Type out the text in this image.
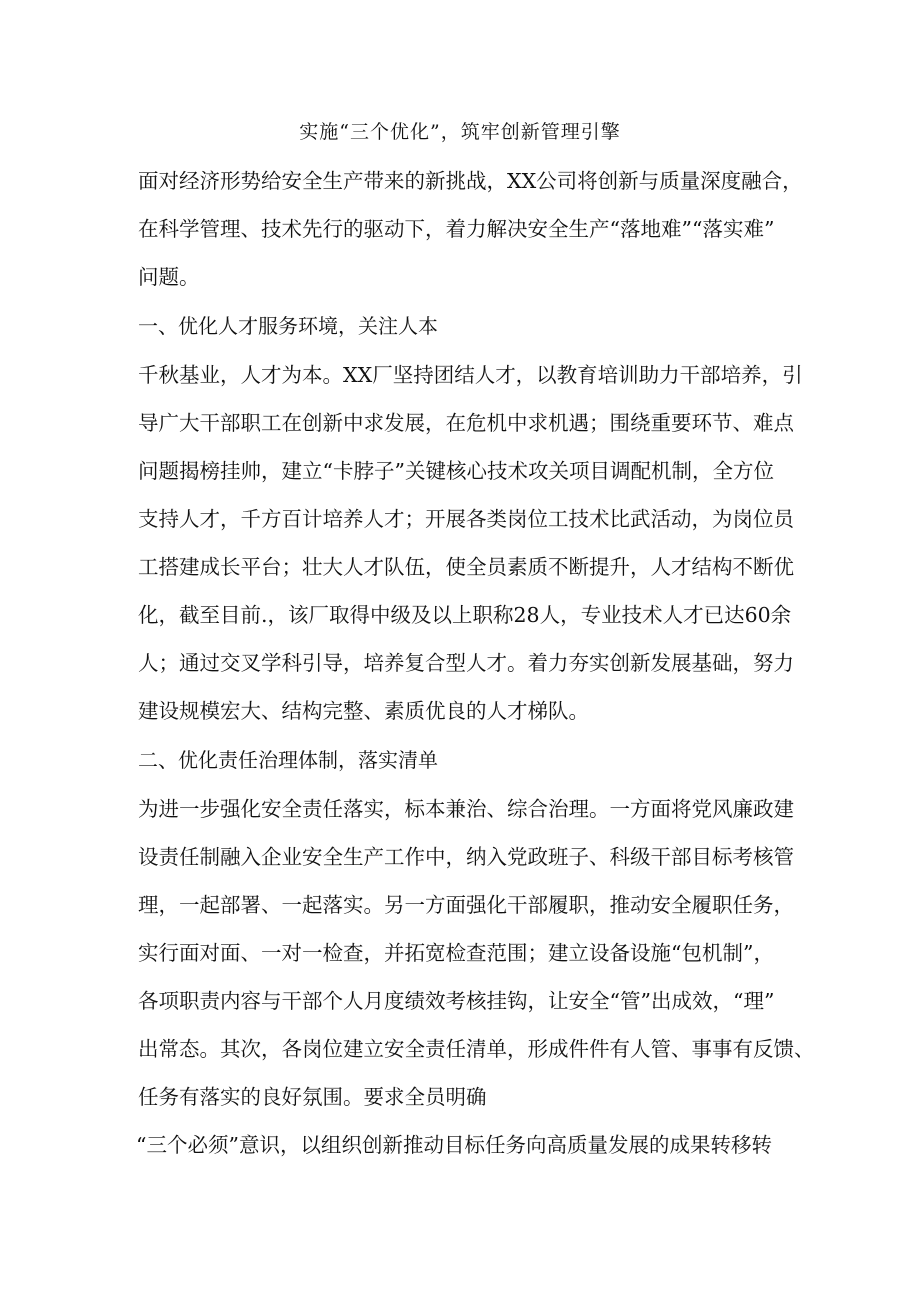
实施“三个优化”，筑牢创新管理引擎

面对经济形势给安全生产带来的新挑战，XX公司将创新与质量深度融合，

在科学管理、技术先行的驱动下，着力解决安全生产“落地难”“落实难”

问题。

一、优化人才服务环境，关注人本

千秋基业，人才为本。XX厂坚持团结人才，以教育培训助力干部培养，引

导广大干部职工在创新中求发展，在危机中求机遇；围绕重要环节、难点

问题揭榜挂帅，建立“卡脖子”关键核心技术攻关项目调配机制，全方位

支持人才，千方百计培养人才；开展各类岗位工技术比武活动，为岗位员

工搭建成长平台；壮大人才队伍，使全员素质不断提升，人才结构不断优

化，截至目前.，该厂取得中级及以上职称28人，专业技术人才已达60余

人；通过交叉学科引导，培养复合型人才。着力夯实创新发展基础，努力

建设规模宏大、结构完整、素质优良的人才梯队。

二、优化责任治理体制，落实清单

为进一步强化安全责任落实，标本兼治、综合治理。一方面将党风廉政建

设责任制融入企业安全生产工作中，纳入党政班子、科级干部目标考核管

理，一起部署、一起落实。另一方面强化干部履职，推动安全履职任务，

实行面对面、一对一检查，并拓宽检查范围；建立设备设施“包机制”，

各项职责内容与干部个人月度绩效考核挂钩，让安全“管”出成效，“理”

出常态。其次，各岗位建立安全责任清单，形成件件有人管、事事有反馈、

任务有落实的良好氛围。要求全员明确

“三个必须”意识，以组织创新推动目标任务向高质量发展的成果转移转
